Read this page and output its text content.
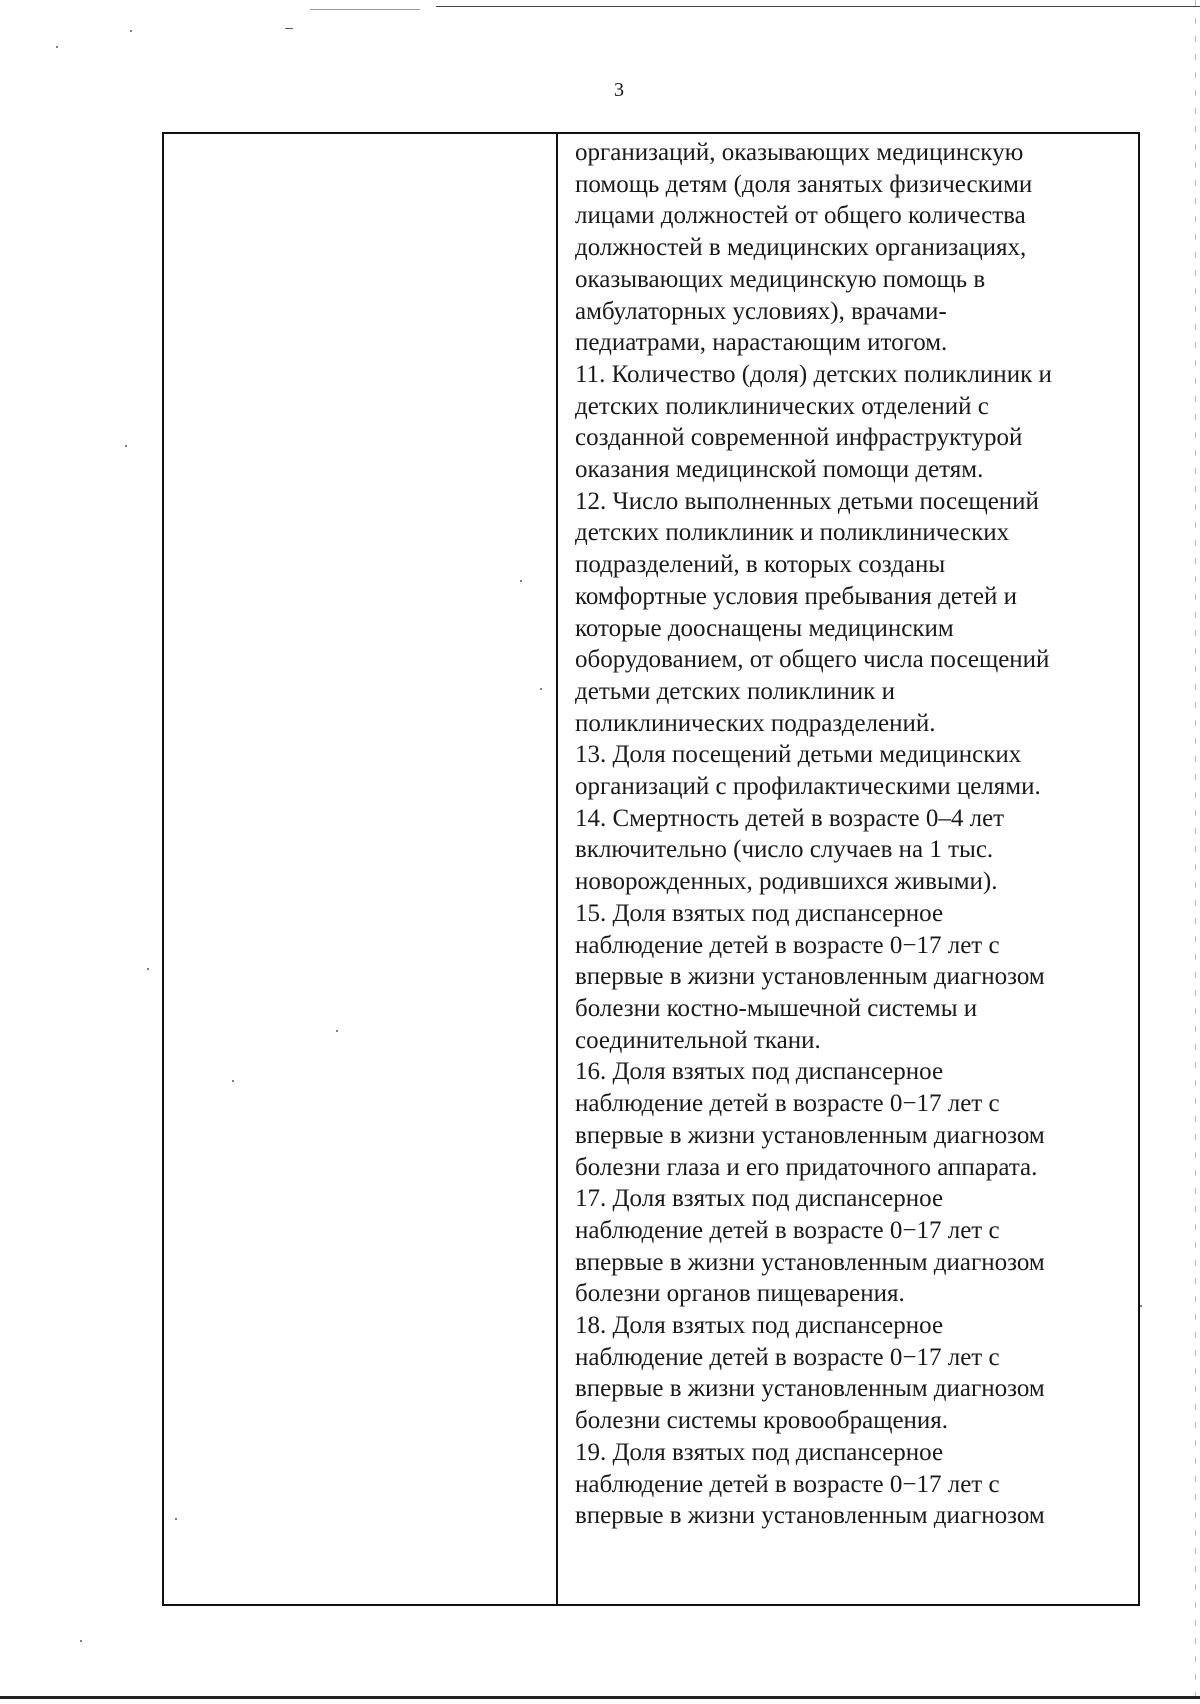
3
организаций, оказывающих медицинскую
помощь детям (доля занятых физическими
лицами должностей от общего количества
должностей в медицинских организациях,
оказывающих медицинскую помощь в
амбулаторных условиях), врачами-
педиатрами, нарастающим итогом.
11. Количество (доля) детских поликлиник и
детских поликлинических отделений с
созданной современной инфраструктурой
оказания медицинской помощи детям.
12. Число выполненных детьми посещений
детских поликлиник и поликлинических
подразделений, в которых созданы
комфортные условия пребывания детей и
которые дооснащены медицинским
оборудованием, от общего числа посещений
детьми детских поликлиник и
поликлинических подразделений.
13. Доля посещений детьми медицинских
организаций с профилактическими целями.
14. Смертность детей в возрасте 0–4 лет
включительно (число случаев на 1 тыс.
новорожденных, родившихся живыми).
15. Доля взятых под диспансерное
наблюдение детей в возрасте 0−17 лет с
впервые в жизни установленным диагнозом
болезни костно-мышечной системы и
соединительной ткани.
16. Доля взятых под диспансерное
наблюдение детей в возрасте 0−17 лет с
впервые в жизни установленным диагнозом
болезни глаза и его придаточного аппарата.
17. Доля взятых под диспансерное
наблюдение детей в возрасте 0−17 лет с
впервые в жизни установленным диагнозом
болезни органов пищеварения.
18. Доля взятых под диспансерное
наблюдение детей в возрасте 0−17 лет с
впервые в жизни установленным диагнозом
болезни системы кровообращения.
19. Доля взятых под диспансерное
наблюдение детей в возрасте 0−17 лет с
впервые в жизни установленным диагнозом
